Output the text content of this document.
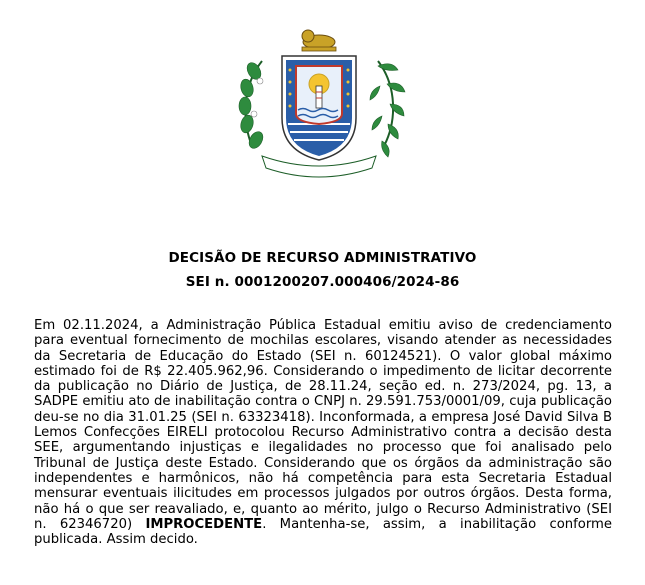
DECISÃO DE RECURSO ADMINISTRATIVO
SEI n. 0001200207.000406/2024-86

Em 02.11.2024, a Administração Pública Estadual emitiu aviso de credenciamento para eventual fornecimento de mochilas escolares, visando atender as necessidades da Secretaria de Educação do Estado (SEI n. 60124521). O valor global máximo estimado foi de R$ 22.405.962,96. Considerando o impedimento de licitar decorrente da publicação no Diário de Justiça, de 28.11.24, seção ed. n. 273/2024, pg. 13, a SADPE emitiu ato de inabilitação contra o CNPJ n. 29.591.753/0001/09, cuja publicação deu-se no dia 31.01.25 (SEI n. 63323418). Inconformada, a empresa José David Silva B Lemos Confecções EIRELI protocolou Recurso Administrativo contra a decisão desta SEE, argumentando injustiças e ilegalidades no processo que foi analisado pelo Tribunal de Justiça deste Estado. Considerando que os órgãos da administração são independentes e harmônicos, não há competência para esta Secretaria Estadual mensurar eventuais ilicitudes em processos julgados por outros órgãos. Desta forma, não há o que ser reavaliado, e, quanto ao mérito, julgo o Recurso Administrativo (SEI n. 62346720) IMPROCEDENTE. Mantenha-se, assim, a inabilitação conforme publicada. Assim decido.
